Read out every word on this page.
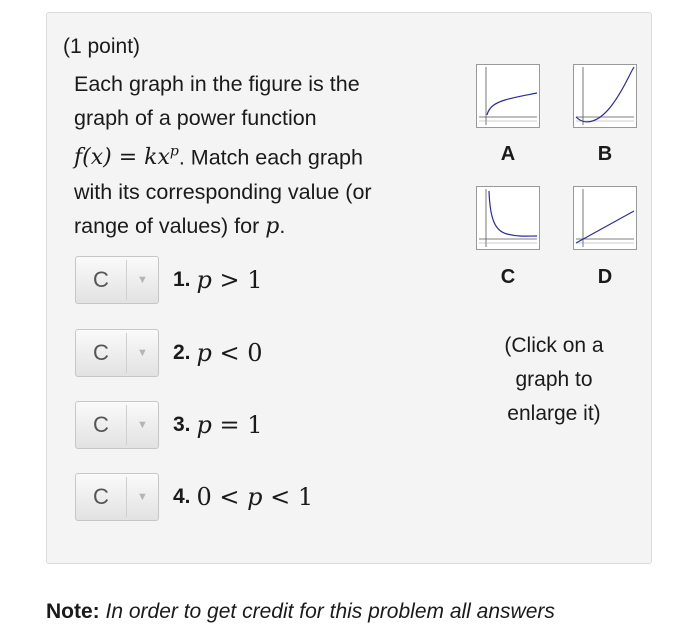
(1 point)
Each graph in the figure is the
graph of a power function
$f(x) = kx^p$. Match each graph
with its corresponding value (or
range of values) for p.
C	▼	1. p > 1
C	▼	2. p < 0
C	▼	3. p = 1
C	▼	4. 0 < p < 1
A	B
C	D
(Click on a
graph to
enlarge it)
Note: In order to get credit for this problem all answers
